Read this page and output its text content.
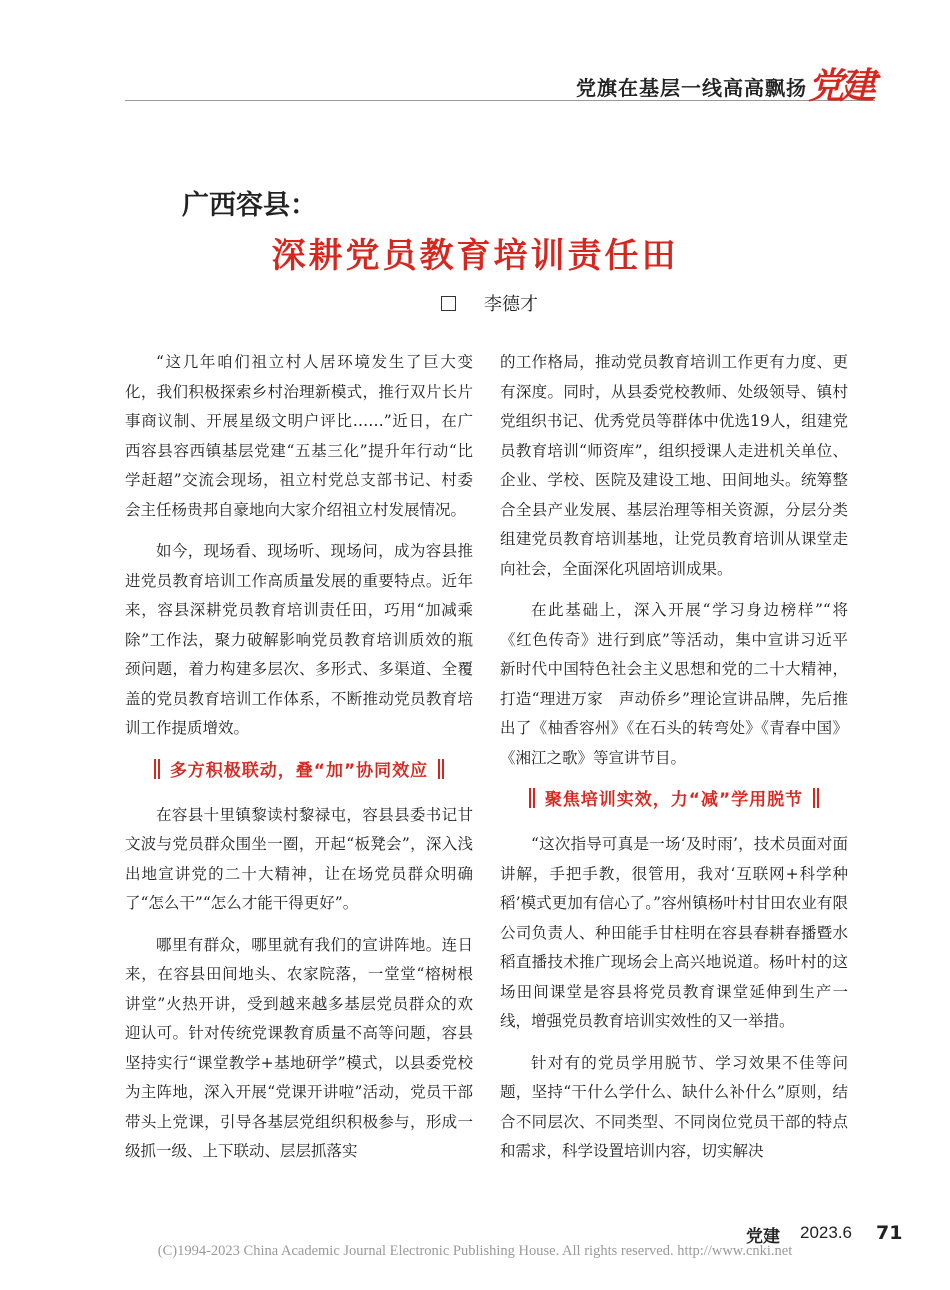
党旗在基层一线高高飘扬 党建
广西容县：
深耕党员教育培训责任田
李德才

“这几年咱们祖立村人居环境发生了巨大变化，我们积极探索乡村治理新模式，推行双片长片事商议制、开展星级文明户评比……”近日，在广西容县容西镇基层党建“五基三化”提升年行动“比学赶超”交流会现场，祖立村党总支部书记、村委会主任杨贵邦自豪地向大家介绍祖立村发展情况。

如今，现场看、现场听、现场问，成为容县推进党员教育培训工作高质量发展的重要特点。近年来，容县深耕党员教育培训责任田，巧用“加减乘除”工作法，聚力破解影响党员教育培训质效的瓶颈问题，着力构建多层次、多形式、多渠道、全覆盖的党员教育培训工作体系，不断推动党员教育培训工作提质增效。

多方积极联动，叠“加”协同效应

在容县十里镇黎读村黎禄屯，容县县委书记甘文波与党员群众围坐一圈，开起“板凳会”，深入浅出地宣讲党的二十大精神，让在场党员群众明确了“怎么干”“怎么才能干得更好”。

哪里有群众，哪里就有我们的宣讲阵地。连日来，在容县田间地头、农家院落，一堂堂“榕树根讲堂”火热开讲，受到越来越多基层党员群众的欢迎认可。针对传统党课教育质量不高等问题，容县坚持实行“课堂教学+基地研学”模式，以县委党校为主阵地，深入开展“党课开讲啦”活动，党员干部带头上党课，引导各基层党组织积极参与，形成一级抓一级、上下联动、层层抓落实

的工作格局，推动党员教育培训工作更有力度、更有深度。同时，从县委党校教师、处级领导、镇村党组织书记、优秀党员等群体中优选19人，组建党员教育培训“师资库”，组织授课人走进机关单位、企业、学校、医院及建设工地、田间地头。统筹整合全县产业发展、基层治理等相关资源，分层分类组建党员教育培训基地，让党员教育培训从课堂走向社会，全面深化巩固培训成果。

在此基础上，深入开展“学习身边榜样”“将《红色传奇》进行到底”等活动，集中宣讲习近平新时代中国特色社会主义思想和党的二十大精神，打造“理进万家　声动侨乡”理论宣讲品牌，先后推出了《柚香容州》《在石头的转弯处》《青春中国》《湘江之歌》等宣讲节目。

聚焦培训实效，力“减”学用脱节

“这次指导可真是一场‘及时雨’，技术员面对面讲解，手把手教，很管用，我对‘互联网+科学种稻’模式更加有信心了。”容州镇杨叶村甘田农业有限公司负责人、种田能手甘柱明在容县春耕春播暨水稻直播技术推广现场会上高兴地说道。杨叶村的这场田间课堂是容县将党员教育课堂延伸到生产一线，增强党员教育培训实效性的又一举措。

针对有的党员学用脱节、学习效果不佳等问题，坚持“干什么学什么、缺什么补什么”原则，结合不同层次、不同类型、不同岗位党员干部的特点和需求，科学设置培训内容，切实解决

党建 2023.6 71
(C)1994-2023 China Academic Journal Electronic Publishing House. All rights reserved. http://www.cnki.net
